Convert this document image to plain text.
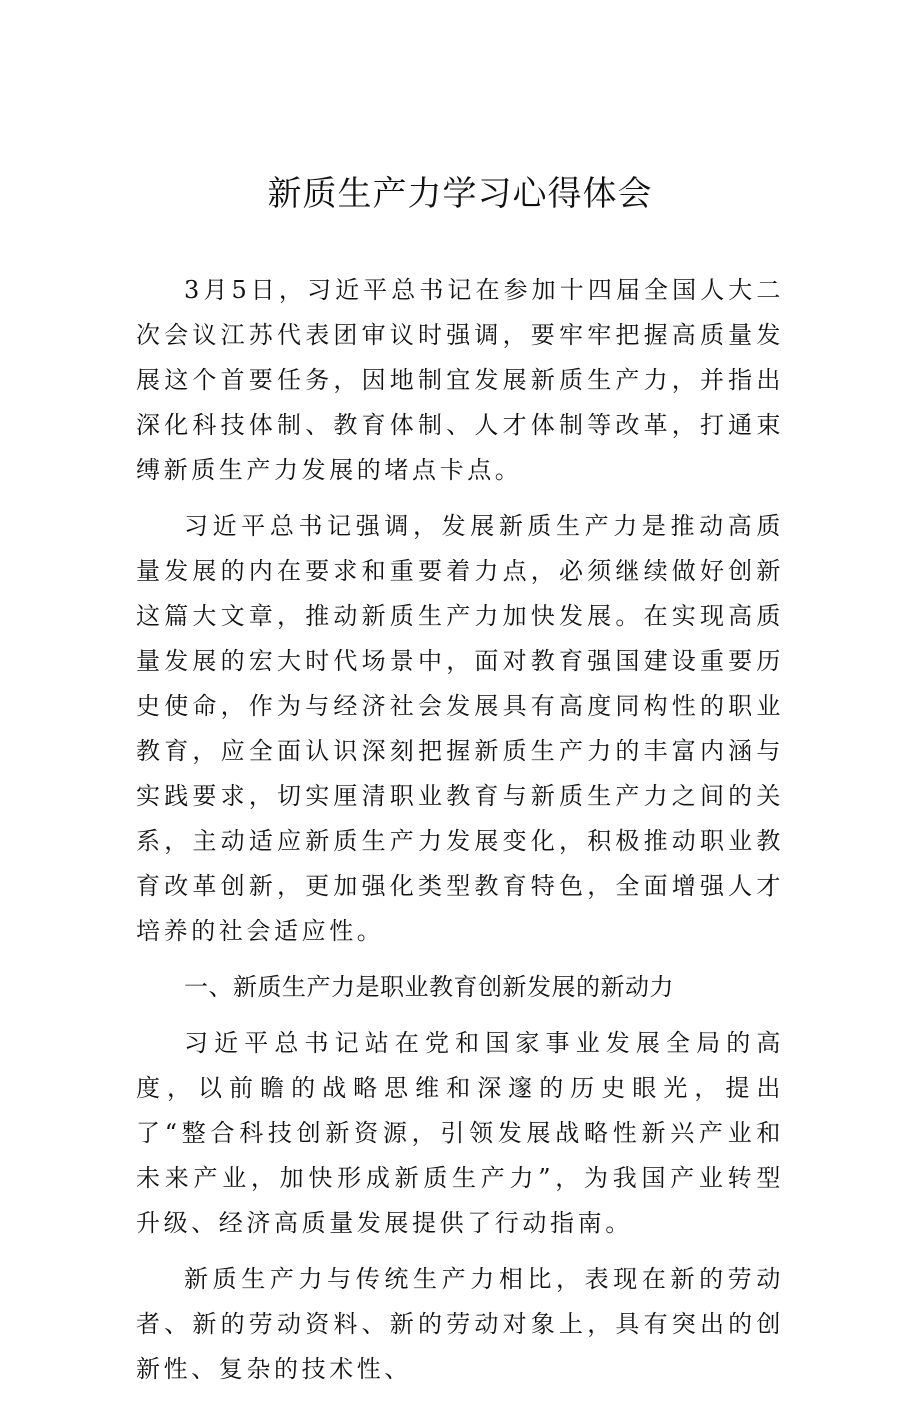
新质生产力学习心得体会

3月5日，习近平总书记在参加十四届全国人大二次会议江苏代表团审议时强调，要牢牢把握高质量发展这个首要任务，因地制宜发展新质生产力，并指出深化科技体制、教育体制、人才体制等改革，打通束缚新质生产力发展的堵点卡点。

习近平总书记强调，发展新质生产力是推动高质量发展的内在要求和重要着力点，必须继续做好创新这篇大文章，推动新质生产力加快发展。在实现高质量发展的宏大时代场景中，面对教育强国建设重要历史使命，作为与经济社会发展具有高度同构性的职业教育，应全面认识深刻把握新质生产力的丰富内涵与实践要求，切实厘清职业教育与新质生产力之间的关系，主动适应新质生产力发展变化，积极推动职业教育改革创新，更加强化类型教育特色，全面增强人才培养的社会适应性。

一、新质生产力是职业教育创新发展的新动力

习近平总书记站在党和国家事业发展全局的高度，以前瞻的战略思维和深邃的历史眼光，提出了“整合科技创新资源，引领发展战略性新兴产业和未来产业，加快形成新质生产力”，为我国产业转型升级、经济高质量发展提供了行动指南。

新质生产力与传统生产力相比，表现在新的劳动者、新的劳动资料、新的劳动对象上，具有突出的创新性、复杂的技术性、
